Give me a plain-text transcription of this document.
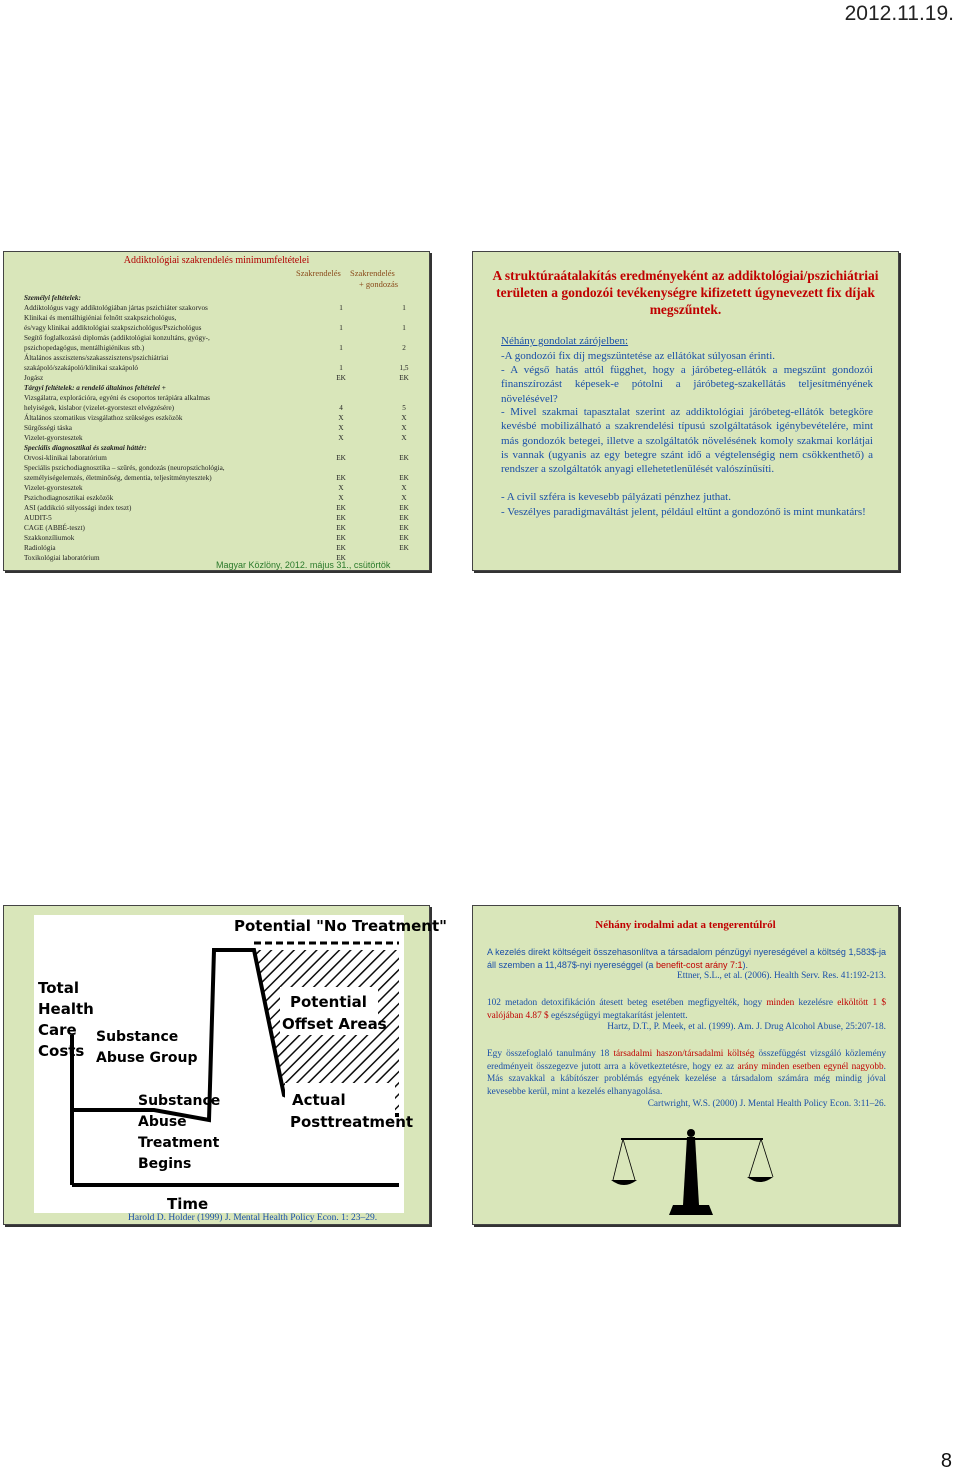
2012.11.19.
Addiktológiai szakrendelés minimumfeltételei
Szakrendelés Szakrendelés
+ gondozás
Személyi feltételek:
Addiktológus vagy addiktológiában jártas pszichiáter szakorvos	1	1
Klinikai és mentálhigiéniai felnőtt szakpszichológus,
és/vagy klinikai addiktológiai szakpszichológus/Pszichológus	1	1
Segítő foglalkozású diplomás (addiktológiai konzultáns, gyógy-,
pszichopedagógus, mentálhigiénikus stb.)	1	2
Általános asszisztens/szakasszisztens/pszichiátriai
szakápoló/szakápoló/klinikai szakápoló	1	1,5
Jogász	EK	EK
Tárgyi feltételek: a rendelő általános feltételei +
Vizsgálatra, explorációra, egyéni és csoportos terápiára alkalmas
helyiségek, kislabor (vizelet-gyorsteszt elvégzésére)	4	5
Általános szomatikus vizsgálathoz szükséges eszközök	X	X
Sürgősségi táska	X	X
Vizelet-gyorstesztek	X	X
Speciális diagnosztikai és szakmai háttér:
Orvosi-klinikai laboratórium	EK	EK
Speciális pszichodiagnosztika – szűrés, gondozás (neuropszichológia,
személyiségelemzés, életminőség, dementia, teljesítménytesztek)	EK	EK
Vizelet-gyorstesztek	X	X
Pszichodiagnosztikai eszközök	X	X
ASI (addikció súlyossági index teszt)	EK	EK
AUDIT-5	EK	EK
CAGE (ABBÉ-teszt)	EK	EK
Szakkonzíliumok	EK	EK
Radiológia	EK	EK
Toxikológiai laboratórium	EK
Magyar Közlöny, 2012. május 31., csütörtök
A struktúraátalakítás eredményeként az addiktológiai/pszichiátriai területen a gondozói tevékenységre kifizetett úgynevezett fix díjak megszűntek.
Néhány gondolat zárójelben:
-A gondozói fix díj megszüntetése az ellátókat súlyosan érinti.
- A végső hatás attól függhet, hogy a járóbeteg-ellátók a megszűnt gondozói finanszírozást képesek-e pótolni a járóbeteg-szakellátás teljesítményének növelésével?
- Mivel szakmai tapasztalat szerint az addiktológiai járóbeteg-ellátók betegköre kevésbé mobilizálható a szakrendelési típusú szolgáltatások igénybevételére, mint más gondozók betegei, illetve a szolgáltatók növelésének komoly szakmai korlátjai is vannak (ugyanis az egy betegre szánt idő a végtelenségig nem csökkenthető) a rendszer a szolgáltatók anyagi ellehetetlenülését valószínűsíti.
- A civil szféra is kevesebb pályázati pénzhez juthat.
- Veszélyes paradigmaváltást jelent, például eltűnt a gondozónő is mint munkatárs!
Potential "No Treatment"
Total
Health
Care
Costs
Substance
Abuse Group
Potential
Offset Areas
Substance
Abuse
Treatment
Begins
Actual
Posttreatment
Time
Harold D. Holder (1999) J. Mental Health Policy Econ. 1: 23–29.
Néhány irodalmi adat a tengerentúlról
A kezelés direkt költségeit összehasonlítva a társadalom pénzügyi nyereségével a költség 1,583$-ja áll szemben a 11,487$-nyi nyereséggel (a benefit-cost arány 7:1).
Ettner, S.L., et al. (2006). Health Serv. Res. 41:192-213.
102 metadon detoxifikáción átesett beteg esetében megfigyelték, hogy minden kezelésre elköltött 1 $ valójában 4.87 $ egészségügyi megtakarítást jelentett.
Hartz, D.T., P. Meek, et al. (1999). Am. J. Drug Alcohol Abuse, 25:207-18.
Egy összefoglaló tanulmány 18 társadalmi haszon/társadalmi költség összefüggést vizsgáló közlemény eredményeit összegezve jutott arra a következtetésre, hogy ez az arány minden esetben egynél nagyobb. Más szavakkal a kábítószer problémás egyének kezelése a társadalom számára még mindig jóval kevesebbe kerül, mint a kezelés elhanyagolása.
Cartwright, W.S. (2000) J. Mental Health Policy Econ. 3:11–26.
8
